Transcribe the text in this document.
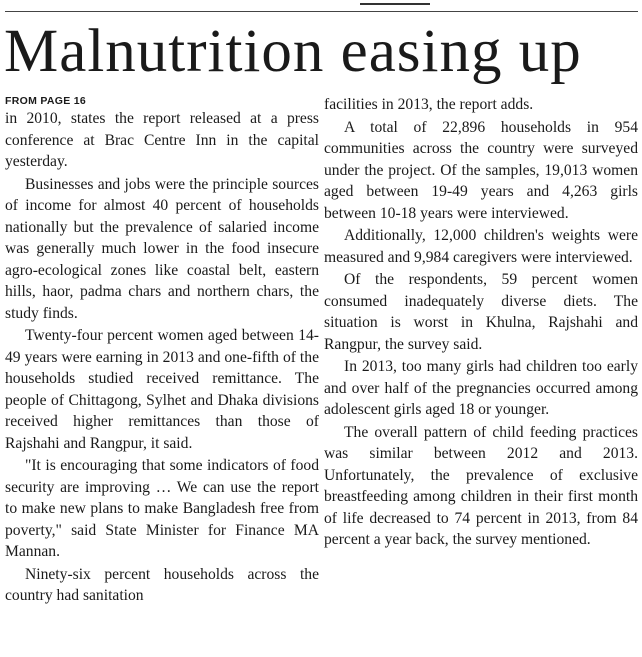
Malnutrition easing up

FROM PAGE 16

in 2010, states the report released at a press conference at Brac Centre Inn in the capital yesterday.

Businesses and jobs were the principle sources of income for almost 40 percent of households nationally but the prevalence of salaried income was generally much lower in the food insecure agro-ecological zones like coastal belt, eastern hills, haor, padma chars and northern chars, the study finds.

Twenty-four percent women aged between 14-49 years were earning in 2013 and one-fifth of the households studied received remittance. The people of Chittagong, Sylhet and Dhaka divisions received higher remittances than those of Rajshahi and Rangpur, it said.

"It is encouraging that some indicators of food security are improving … We can use the report to make new plans to make Bangladesh free from poverty," said State Minister for Finance MA Mannan.

Ninety-six percent households across the country had sanitation

facilities in 2013, the report adds.

A total of 22,896 households in 954 communities across the country were surveyed under the project. Of the samples, 19,013 women aged between 19-49 years and 4,263 girls between 10-18 years were interviewed.

Additionally, 12,000 children's weights were measured and 9,984 caregivers were interviewed.

Of the respondents, 59 percent women consumed inadequately diverse diets. The situation is worst in Khulna, Rajshahi and Rangpur, the survey said.

In 2013, too many girls had children too early and over half of the pregnancies occurred among adolescent girls aged 18 or younger.

The overall pattern of child feeding practices was similar between 2012 and 2013. Unfortunately, the prevalence of exclusive breastfeeding among children in their first month of life decreased to 74 percent in 2013, from 84 percent a year back, the survey mentioned.
